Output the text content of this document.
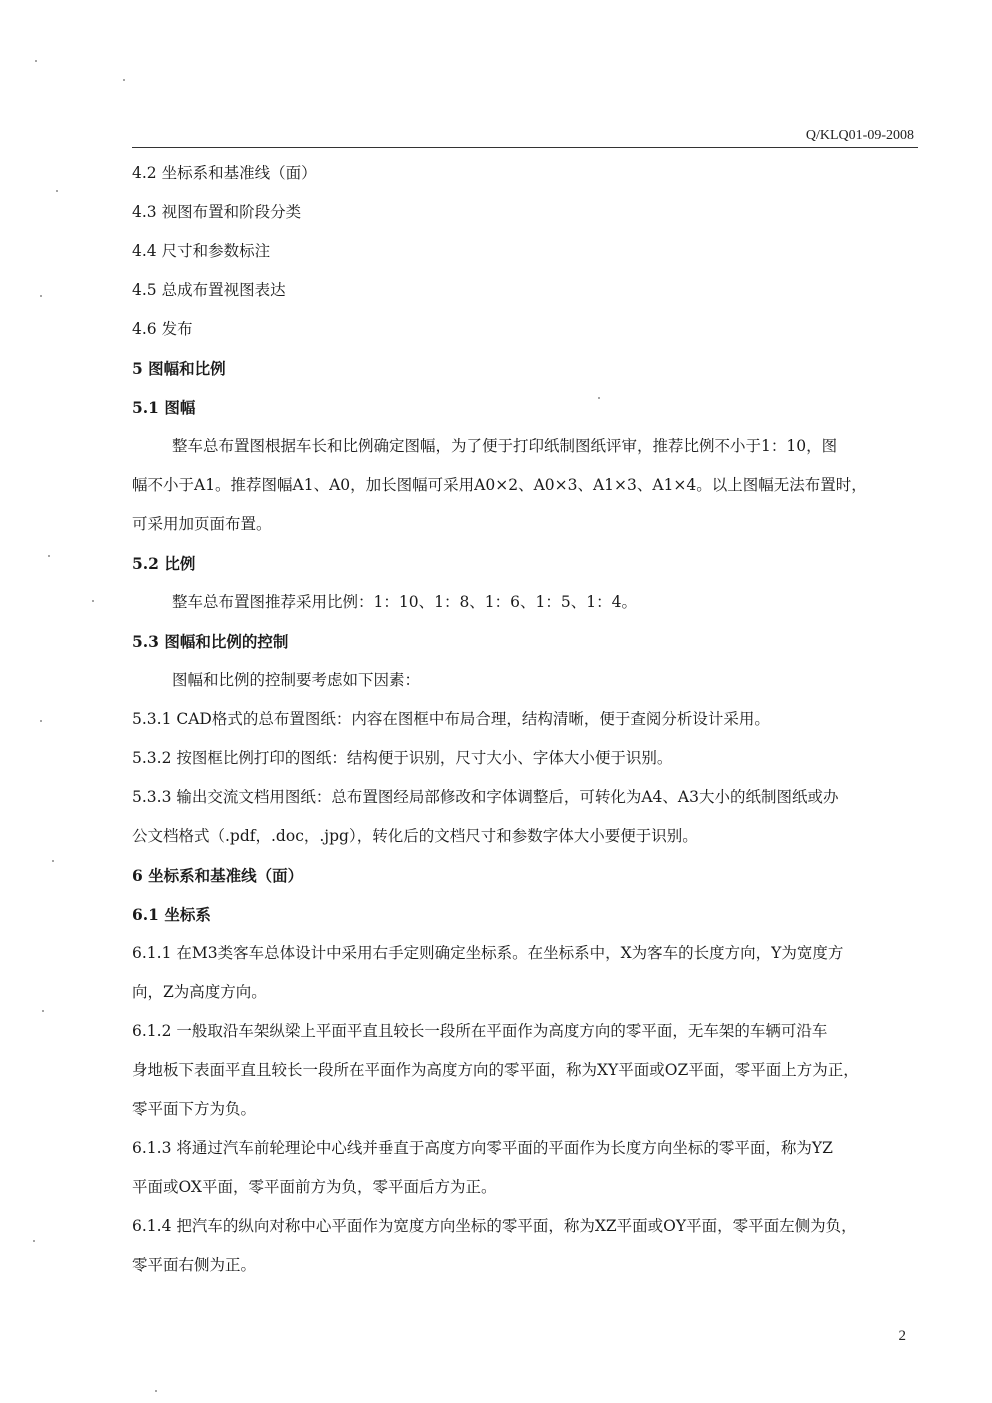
Q/KLQ01-09-2008
4.2 坐标系和基准线（面）
4.3 视图布置和阶段分类
4.4 尺寸和参数标注
4.5 总成布置视图表达
4.6 发布
5 图幅和比例
5.1 图幅
整车总布置图根据车长和比例确定图幅，为了便于打印纸制图纸评审，推荐比例不小于1：10，图
幅不小于A1。推荐图幅A1、A0，加长图幅可采用A0×2、A0×3、A1×3、A1×4。以上图幅无法布置时，
可采用加页面布置。
5.2 比例
整车总布置图推荐采用比例：1：10、1：8、1：6、1：5、1：4。
5.3 图幅和比例的控制
图幅和比例的控制要考虑如下因素：
5.3.1 CAD格式的总布置图纸：内容在图框中布局合理，结构清晰，便于查阅分析设计采用。
5.3.2 按图框比例打印的图纸：结构便于识别，尺寸大小、字体大小便于识别。
5.3.3 输出交流文档用图纸：总布置图经局部修改和字体调整后，可转化为A4、A3大小的纸制图纸或办
公文档格式（.pdf，.doc，.jpg），转化后的文档尺寸和参数字体大小要便于识别。
6 坐标系和基准线（面）
6.1 坐标系
6.1.1 在M3类客车总体设计中采用右手定则确定坐标系。在坐标系中，X为客车的长度方向，Y为宽度方
向，Z为高度方向。
6.1.2 一般取沿车架纵梁上平面平直且较长一段所在平面作为高度方向的零平面，无车架的车辆可沿车
身地板下表面平直且较长一段所在平面作为高度方向的零平面，称为XY平面或OZ平面，零平面上方为正，
零平面下方为负。
6.1.3 将通过汽车前轮理论中心线并垂直于高度方向零平面的平面作为长度方向坐标的零平面，称为YZ
平面或OX平面，零平面前方为负，零平面后方为正。
6.1.4 把汽车的纵向对称中心平面作为宽度方向坐标的零平面，称为XZ平面或OY平面，零平面左侧为负，
零平面右侧为正。
2
